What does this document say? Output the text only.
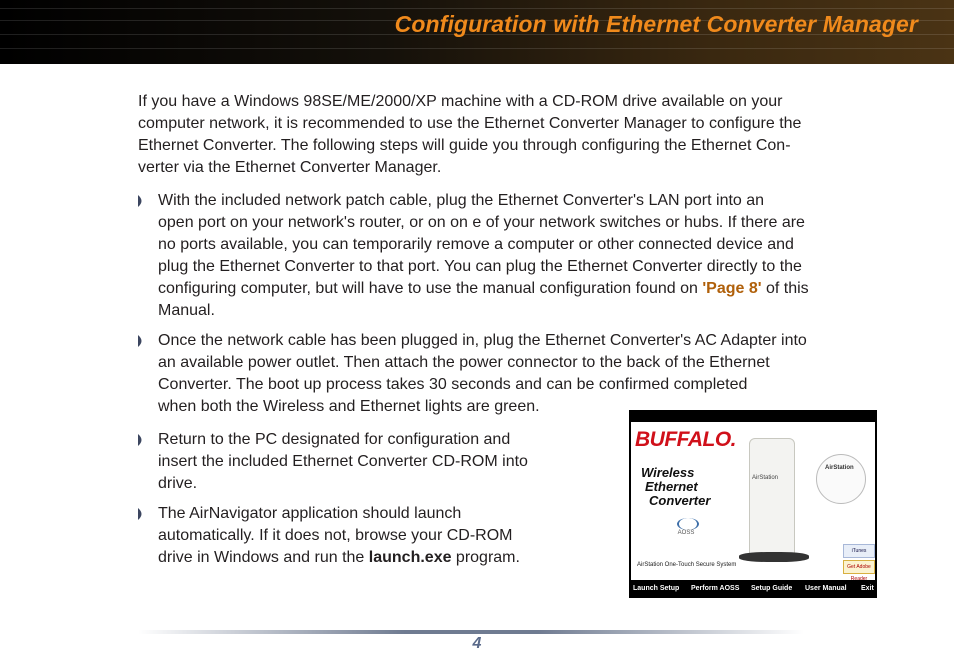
Configuration with Ethernet Converter Manager

If you have a Windows 98SE/ME/2000/XP machine with a CD-ROM drive available on your
computer network, it is recommended to use the Ethernet Converter Manager to configure the
Ethernet Converter. The following steps will guide you through configuring the Ethernet Con-
verter via the Ethernet Converter Manager.

With the included network patch cable, plug the Ethernet Converter's LAN port into an
open port on your network's router, or on on e of your network switches or hubs. If there are
no ports available, you can temporarily remove a computer or other connected device and
plug the Ethernet Converter to that port. You can plug the Ethernet Converter directly to the
configuring computer, but will have to use the manual configuration found on 'Page 8' of this
Manual.
Once the network cable has been plugged in, plug the Ethernet Converter's AC Adapter into
an available power outlet. Then attach the power connector to the back of the Ethernet
Converter. The boot up process takes 30 seconds and can be confirmed completed
when both the Wireless and Ethernet lights are green.
Return to the PC designated for configuration and
insert the included Ethernet Converter CD-ROM into
drive.
The AirNavigator application should launch
automatically. If it does not, browse your CD-ROM
drive in Windows and run the launch.exe program.
BUFFALO.
Wireless
Ethernet
Converter
AirStation
AirStation
AOSS
AirStation One-Touch Secure System
iTunes
Get Adobe Reader
Launch Setup Perform AOSS Setup Guide User Manual Exit
4
